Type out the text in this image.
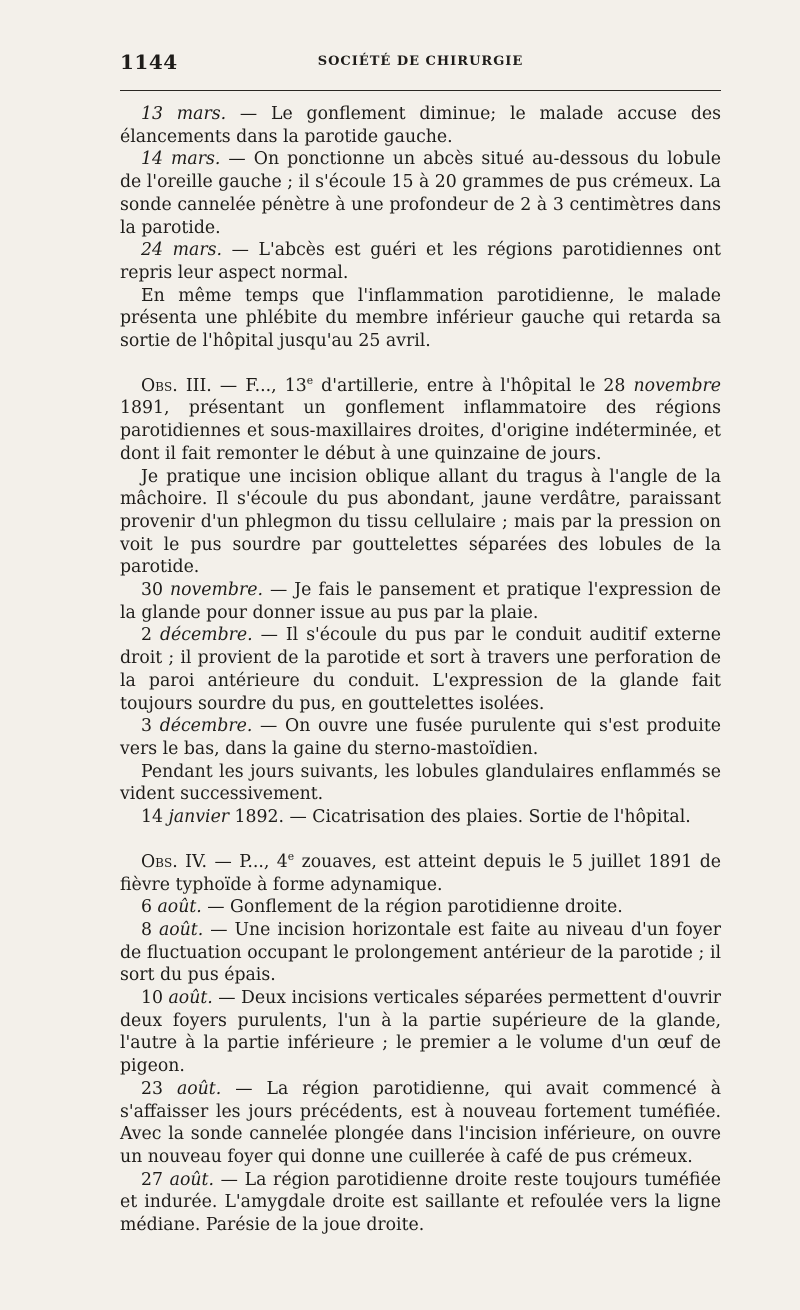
1144	SOCIÉTÉ DE CHIRURGIE

13 mars. — Le gonflement diminue; le malade accuse des élancements dans la parotide gauche.

14 mars. — On ponctionne un abcès situé au-dessous du lobule de l'oreille gauche ; il s'écoule 15 à 20 grammes de pus crémeux. La sonde cannelée pénètre à une profondeur de 2 à 3 centimètres dans la parotide.

24 mars. — L'abcès est guéri et les régions parotidiennes ont repris leur aspect normal.

En même temps que l'inflammation parotidienne, le malade présenta une phlébite du membre inférieur gauche qui retarda sa sortie de l'hôpital jusqu'au 25 avril.

Obs. III. — F..., 13e d'artillerie, entre à l'hôpital le 28 novembre 1891, présentant un gonflement inflammatoire des régions parotidiennes et sous-maxillaires droites, d'origine indéterminée, et dont il fait remonter le début à une quinzaine de jours.

Je pratique une incision oblique allant du tragus à l'angle de la mâchoire. Il s'écoule du pus abondant, jaune verdâtre, paraissant provenir d'un phlegmon du tissu cellulaire ; mais par la pression on voit le pus sourdre par gouttelettes séparées des lobules de la parotide.

30 novembre. — Je fais le pansement et pratique l'expression de la glande pour donner issue au pus par la plaie.

2 décembre. — Il s'écoule du pus par le conduit auditif externe droit ; il provient de la parotide et sort à travers une perforation de la paroi antérieure du conduit. L'expression de la glande fait toujours sourdre du pus, en gouttelettes isolées.

3 décembre. — On ouvre une fusée purulente qui s'est produite vers le bas, dans la gaine du sterno-mastoïdien.

Pendant les jours suivants, les lobules glandulaires enflammés se vident successivement.

14 janvier 1892. — Cicatrisation des plaies. Sortie de l'hôpital.

Obs. IV. — P..., 4e zouaves, est atteint depuis le 5 juillet 1891 de fièvre typhoïde à forme adynamique.

6 août. — Gonflement de la région parotidienne droite.

8 août. — Une incision horizontale est faite au niveau d'un foyer de fluctuation occupant le prolongement antérieur de la parotide ; il sort du pus épais.

10 août. — Deux incisions verticales séparées permettent d'ouvrir deux foyers purulents, l'un à la partie supérieure de la glande, l'autre à la partie inférieure ; le premier a le volume d'un œuf de pigeon.

23 août. — La région parotidienne, qui avait commencé à s'affaisser les jours précédents, est à nouveau fortement tuméfiée. Avec la sonde cannelée plongée dans l'incision inférieure, on ouvre un nouveau foyer qui donne une cuillerée à café de pus crémeux.

27 août. — La région parotidienne droite reste toujours tuméfiée et indurée. L'amygdale droite est saillante et refoulée vers la ligne médiane. Parésie de la joue droite.
